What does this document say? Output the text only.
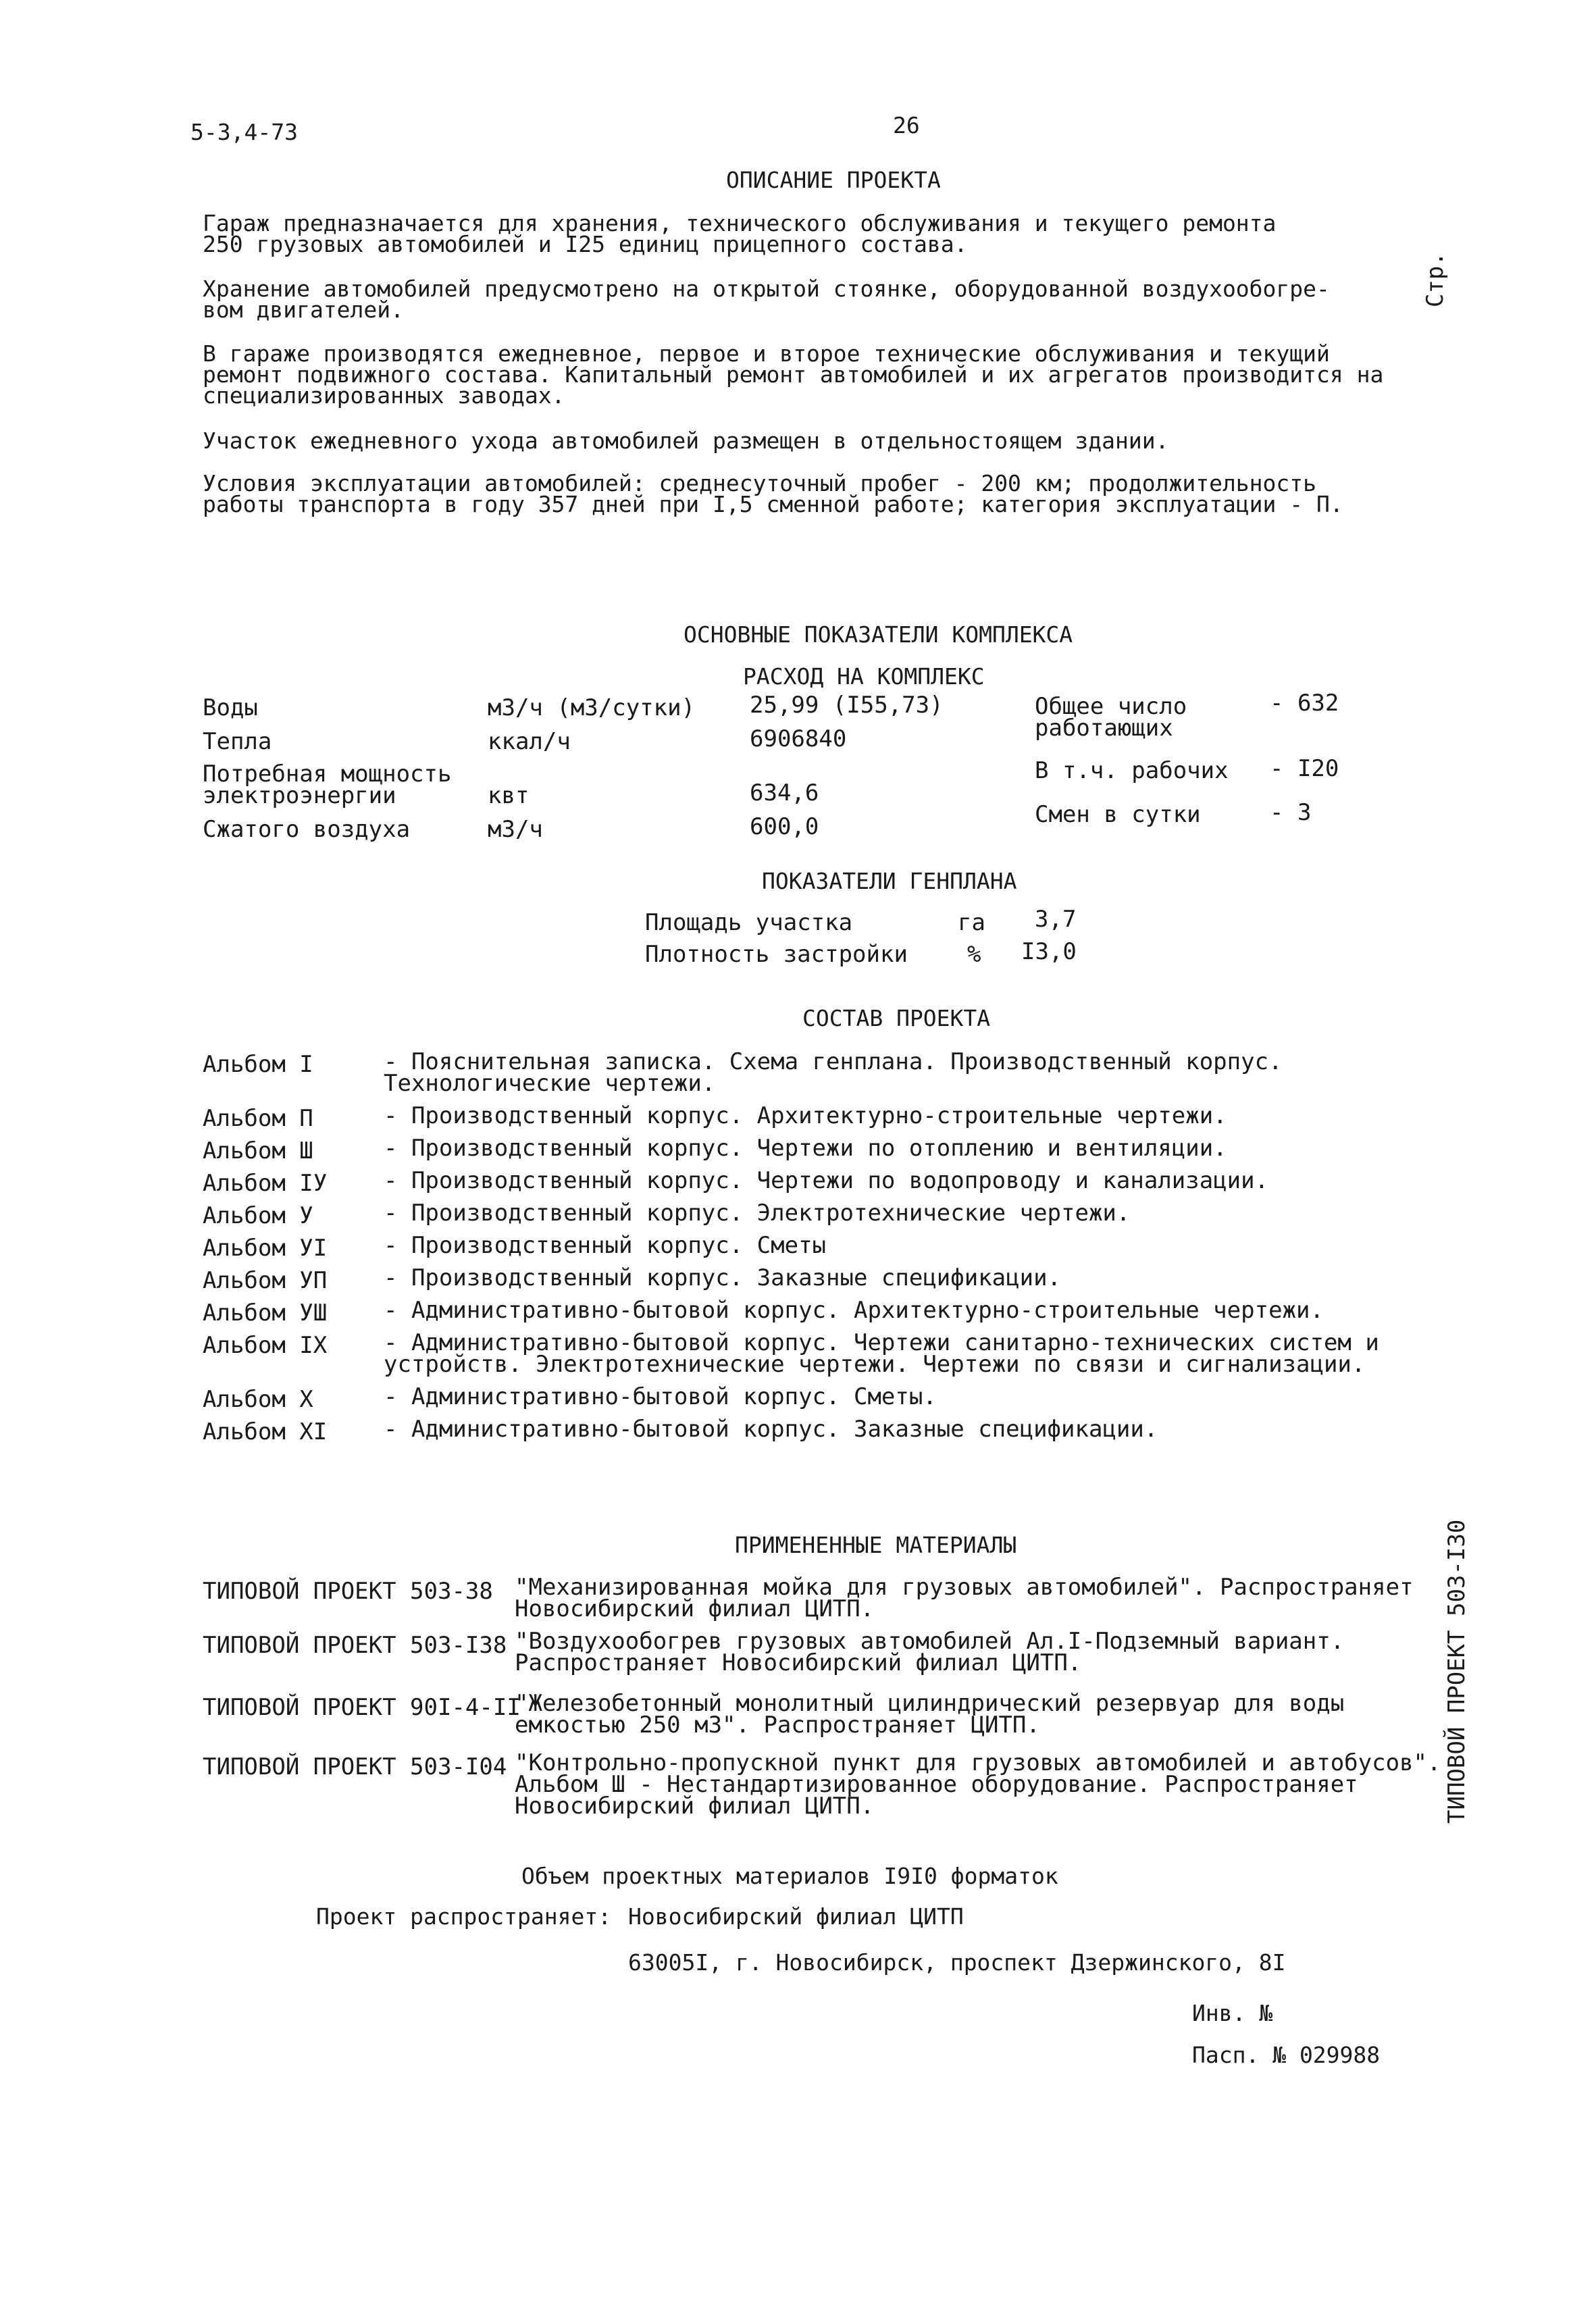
5-3,4-73	26
Стр.
ОПИСАНИЕ ПРОЕКТА
Гараж предназначается для хранения, технического обслуживания и текущего ремонта
250 грузовых автомобилей и I25 единиц прицепного состава.
Хранение автомобилей предусмотрено на открытой стоянке, оборудованной воздухообогре-
вом двигателей.
В гараже производятся ежедневное, первое и второе технические обслуживания и текущий
ремонт подвижного состава. Капитальный ремонт автомобилей и их агрегатов производится на
специализированных заводах.
Участок ежедневного ухода автомобилей размещен в отдельностоящем здании.
Условия эксплуатации автомобилей: среднесуточный пробег - 200 км; продолжительность
работы транспорта в году 357 дней при I,5 сменной работе; категория эксплуатации - П.
ОСНОВНЫЕ ПОКАЗАТЕЛИ КОМПЛЕКСА
РАСХОД НА КОМПЛЕКС
Воды	м3/ч (м3/сутки) 25,99 (I55,73)
Тепла	ккал/ч	6906840
Потребная мощность
электроэнергии	квт	634,6
Сжатого воздуха	м3/ч	600,0
Общее число
работающих
- 632
В т.ч. рабочих - I20
Смен в сутки	- 3
ПОКАЗАТЕЛИ ГЕНПЛАНА
Площадь участка	га 3,7
Плотность застройки	% I3,0
СОСТАВ ПРОЕКТА
Альбом I	- Пояснительная записка. Схема генплана. Производственный корпус.
Технологические чертежи.
Альбом П	- Производственный корпус. Архитектурно-строительные чертежи.
Альбом Ш	- Производственный корпус. Чертежи по отоплению и вентиляции.
Альбом IУ - Производственный корпус. Чертежи по водопроводу и канализации.
Альбом У	- Производственный корпус. Электротехнические чертежи.
Альбом УI - Производственный корпус. Сметы
Альбом УП - Производственный корпус. Заказные спецификации.
Альбом УШ - Административно-бытовой корпус. Архитектурно-строительные чертежи.
Альбом IX - Административно-бытовой корпус. Чертежи санитарно-технических систем и
устройств. Электротехнические чертежи. Чертежи по связи и сигнализации.
Альбом X	- Административно-бытовой корпус. Сметы.
Альбом XI - Административно-бытовой корпус. Заказные спецификации.
ПРИМЕНЕННЫЕ МАТЕРИАЛЫ
ТИПОВОЙ ПРОЕКТ 503-38 "Механизированная мойка для грузовых автомобилей". Распространяет
Новосибирский филиал ЦИТП.
ТИПОВОЙ ПРОЕКТ 503-I38 "Воздухообогрев грузовых автомобилей Ал.I-Подземный вариант.
Распространяет Новосибирский филиал ЦИТП.
ТИПОВОЙ ПРОЕКТ 90I-4-II
"Железобетонный монолитный цилиндрический резервуар для воды
емкостью 250 м3". Распространяет ЦИТП.
ТИПОВОЙ ПРОЕКТ 503-I04 "Контрольно-пропускной пункт для грузовых автомобилей и автобусов".
Альбом Ш - Нестандартизированное оборудование. Распространяет
Новосибирский филиал ЦИТП.	ТИПОВОЙ ПРОЕКТ 503-I30
Объем проектных материалов I9I0 форматок
Проект распространяет: Новосибирский филиал ЦИТП
63005I, г. Новосибирск, проспект Дзержинского, 8I
Инв. №
Пасп. № 029988
